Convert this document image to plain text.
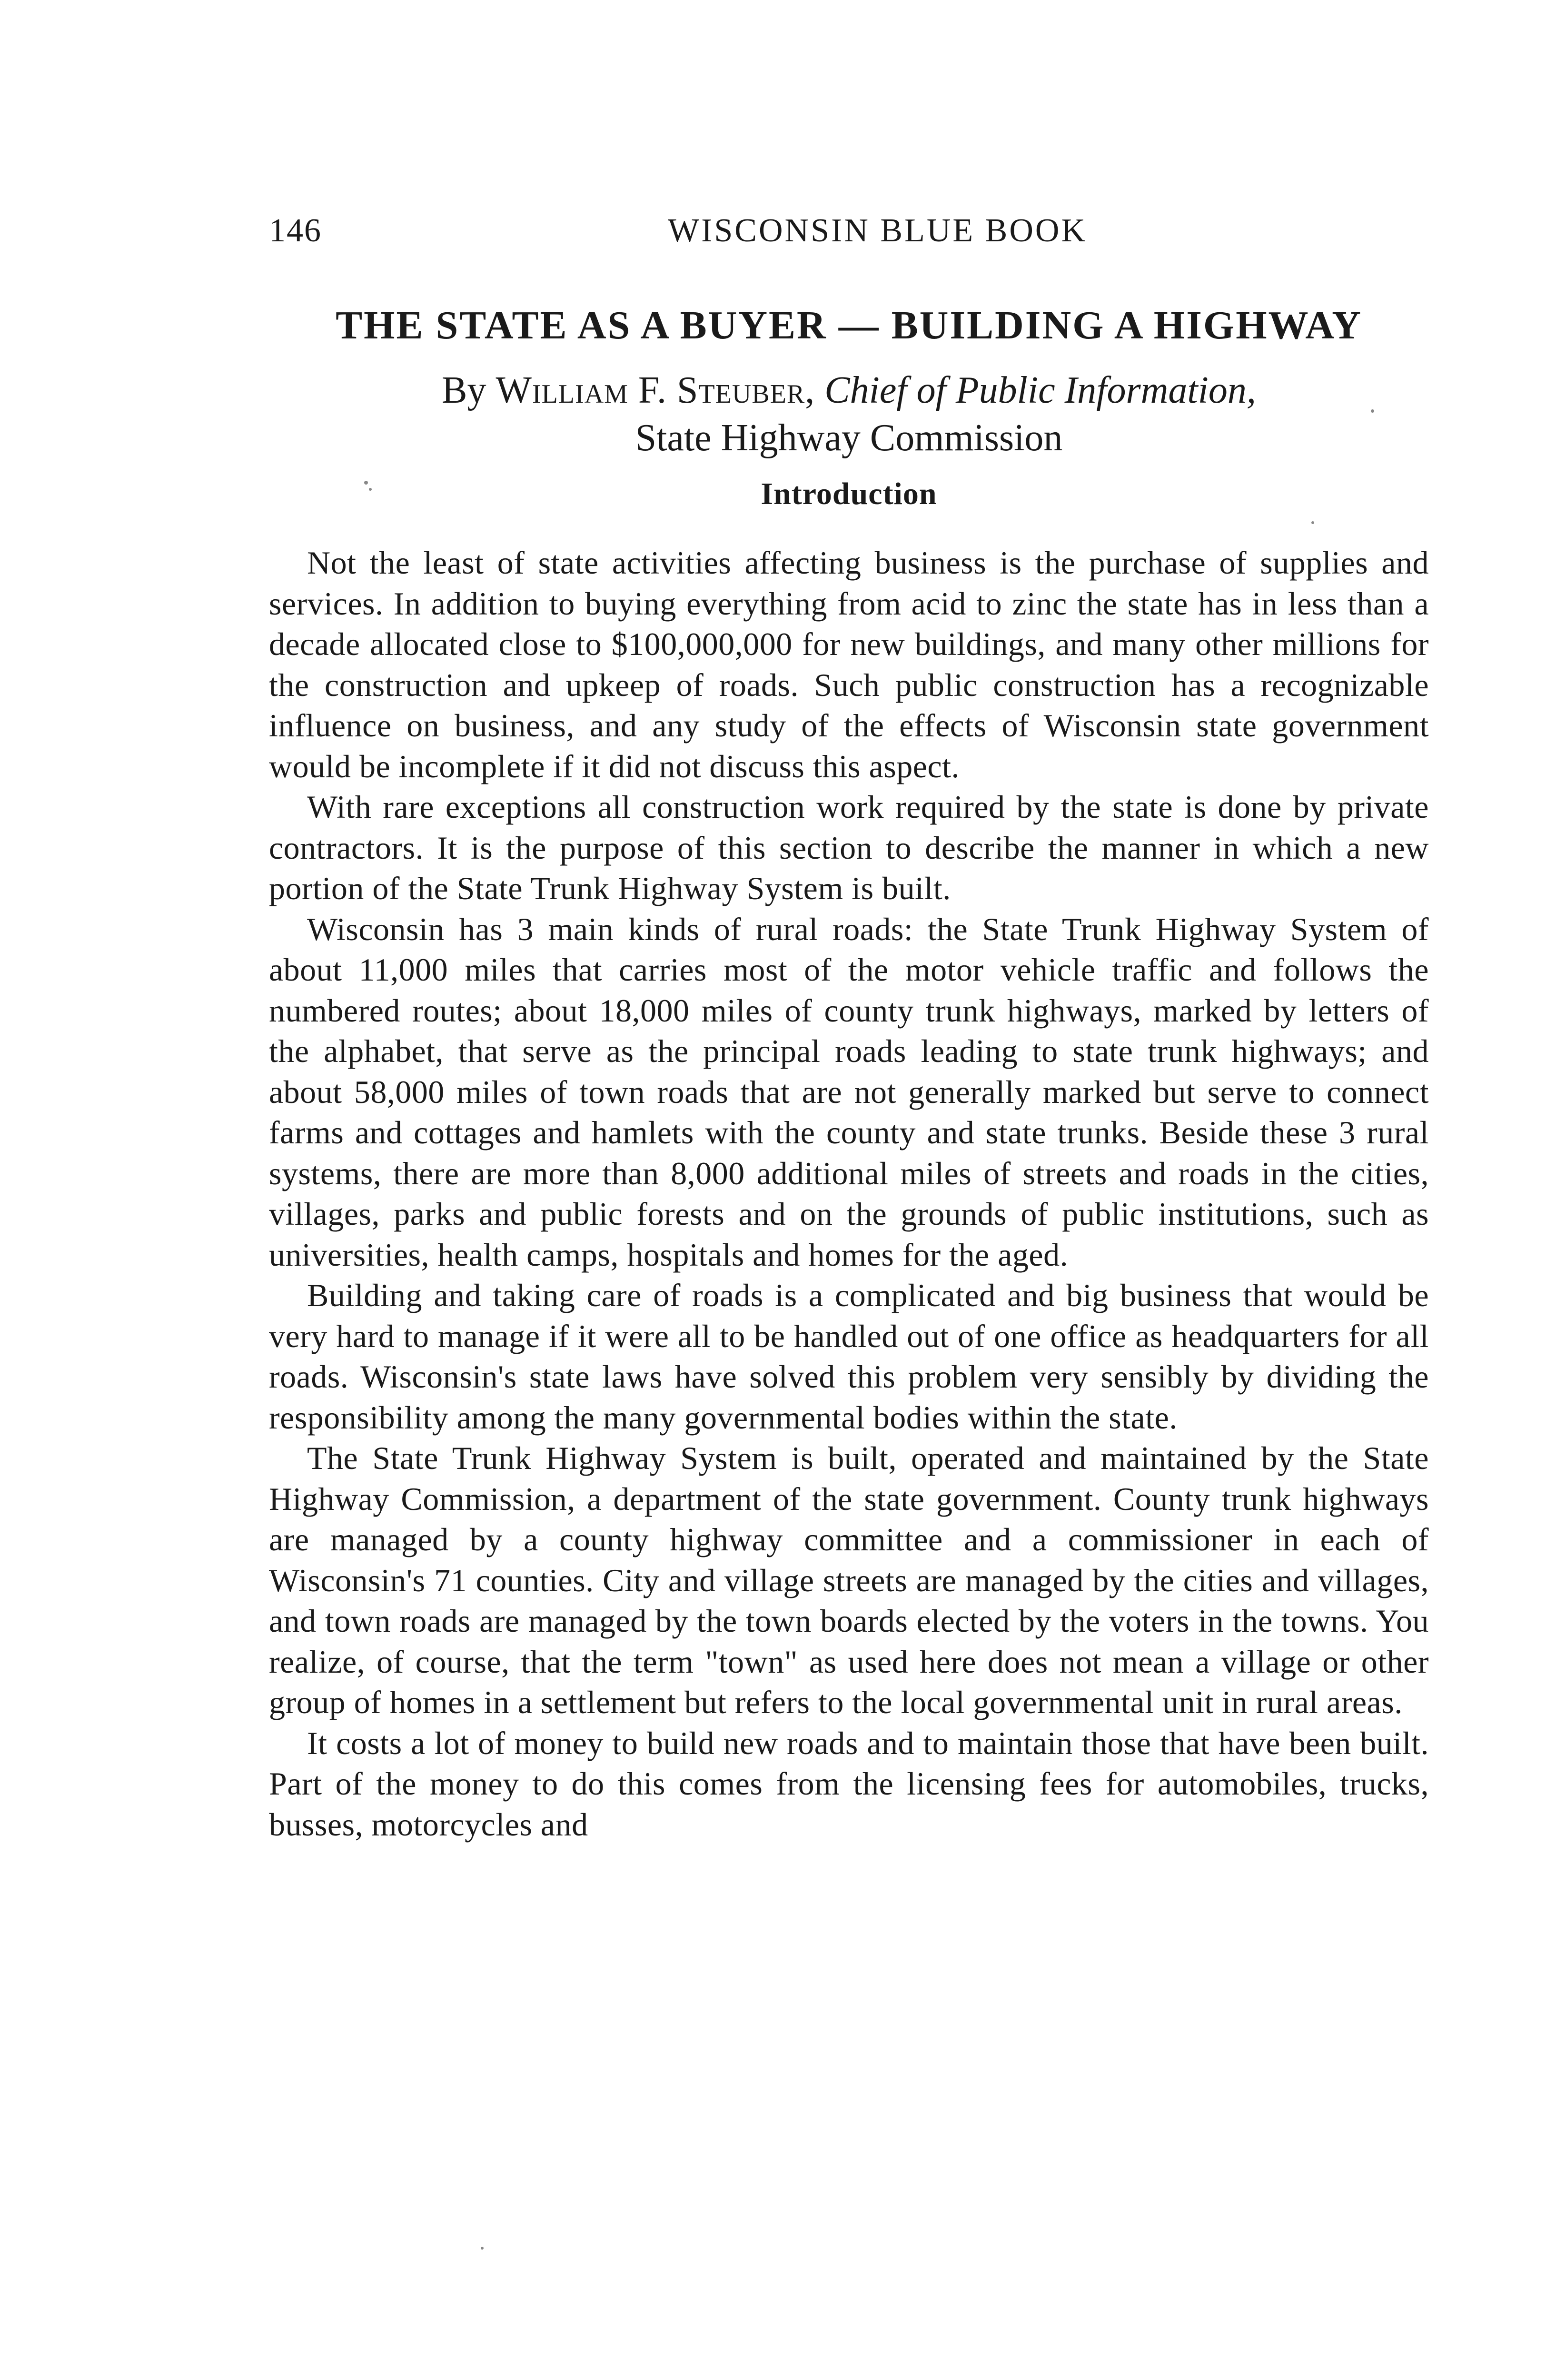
146	WISCONSIN BLUE BOOK
THE STATE AS A BUYER — BUILDING A HIGHWAY
By William F. Steuber, Chief of Public Information,
State Highway Commission
Introduction

Not the least of state activities affecting business is the purchase of supplies and services. In addition to buying everything from acid to zinc the state has in less than a decade allocated close to $100,000,000 for new buildings, and many other millions for the construction and upkeep of roads. Such public construction has a recognizable influence on business, and any study of the effects of Wisconsin state government would be incomplete if it did not discuss this aspect.

With rare exceptions all construction work required by the state is done by private contractors. It is the purpose of this section to describe the manner in which a new portion of the State Trunk Highway System is built.

Wisconsin has 3 main kinds of rural roads: the State Trunk Highway System of about 11,000 miles that carries most of the motor vehicle traffic and follows the numbered routes; about 18,000 miles of county trunk highways, marked by letters of the alphabet, that serve as the principal roads leading to state trunk highways; and about 58,000 miles of town roads that are not generally marked but serve to connect farms and cottages and hamlets with the county and state trunks. Beside these 3 rural systems, there are more than 8,000 additional miles of streets and roads in the cities, villages, parks and public forests and on the grounds of public institutions, such as universities, health camps, hospitals and homes for the aged.

Building and taking care of roads is a complicated and big business that would be very hard to manage if it were all to be handled out of one office as headquarters for all roads. Wisconsin's state laws have solved this problem very sensibly by dividing the responsibility among the many governmental bodies within the state.

The State Trunk Highway System is built, operated and maintained by the State Highway Commission, a department of the state government. County trunk highways are managed by a county highway committee and a commissioner in each of Wisconsin's 71 counties. City and village streets are managed by the cities and villages, and town roads are managed by the town boards elected by the voters in the towns. You realize, of course, that the term "town" as used here does not mean a village or other group of homes in a settlement but refers to the local governmental unit in rural areas.

It costs a lot of money to build new roads and to maintain those that have been built. Part of the money to do this comes from the licensing fees for automobiles, trucks, busses, motorcycles and
